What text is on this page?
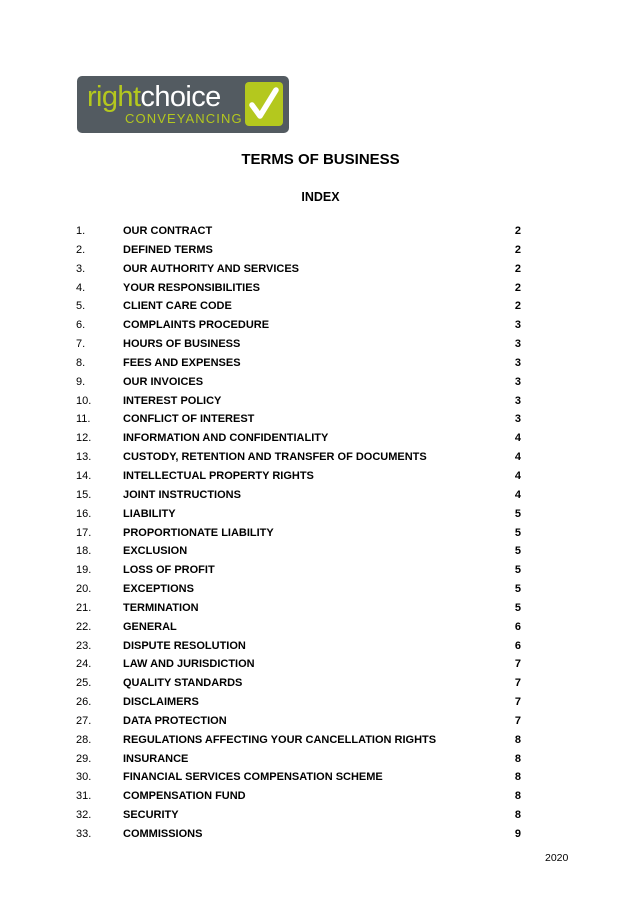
rightchoice
CONVEYANCING
TERMS OF BUSINESS
INDEX
1.	OUR CONTRACT	2
2.	DEFINED TERMS	2
3.	OUR AUTHORITY AND SERVICES	2
4.	YOUR RESPONSIBILITIES	2
5.	CLIENT CARE CODE	2
6.	COMPLAINTS PROCEDURE	3
7.	HOURS OF BUSINESS	3
8.	FEES AND EXPENSES	3
9.	OUR INVOICES	3
10.	INTEREST POLICY	3
11.	CONFLICT OF INTEREST	3
12.	INFORMATION AND CONFIDENTIALITY	4
13.	CUSTODY, RETENTION AND TRANSFER OF DOCUMENTS	4
14.	INTELLECTUAL PROPERTY RIGHTS	4
15.	JOINT INSTRUCTIONS	4
16.	LIABILITY	5
17.	PROPORTIONATE LIABILITY	5
18.	EXCLUSION	5
19.	LOSS OF PROFIT	5
20.	EXCEPTIONS	5
21.	TERMINATION	5
22.	GENERAL	6
23.	DISPUTE RESOLUTION	6
24.	LAW AND JURISDICTION	7
25.	QUALITY STANDARDS	7
26.	DISCLAIMERS	7
27.	DATA PROTECTION	7
28.	REGULATIONS AFFECTING YOUR CANCELLATION RIGHTS	8
29.	INSURANCE	8
30.	FINANCIAL SERVICES COMPENSATION SCHEME	8
31.	COMPENSATION FUND	8
32.	SECURITY	8
33.	COMMISSIONS	9
2020
